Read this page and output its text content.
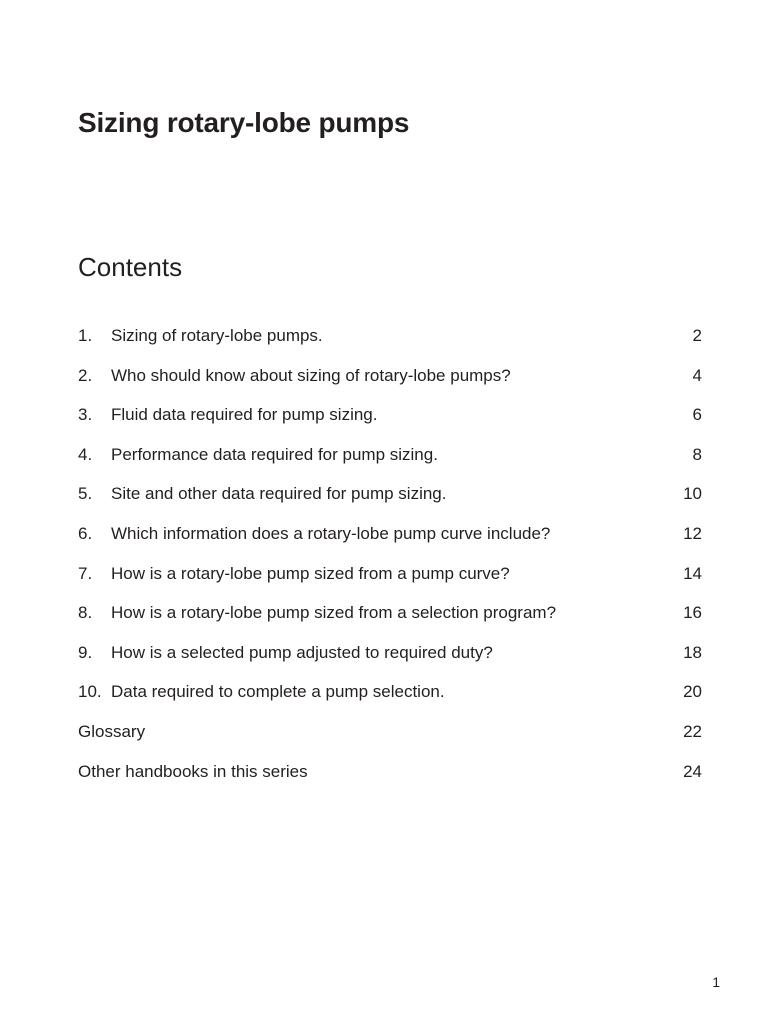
Sizing rotary-lobe pumps
Contents
1.	Sizing of rotary-lobe pumps.	2
2.	Who should know about sizing of rotary-lobe pumps?	4
3.	Fluid data required for pump sizing.	6
4.	Performance data required for pump sizing.	8
5.	Site and other data required for pump sizing.	10
6.	Which information does a rotary-lobe pump curve include?	12
7.	How is a rotary-lobe pump sized from a pump curve?	14
8.	How is a rotary-lobe pump sized from a selection program?	16
9.	How is a selected pump adjusted to required duty?	18
10. Data required to complete a pump selection.	20
Glossary	22
Other handbooks in this series	24
1
